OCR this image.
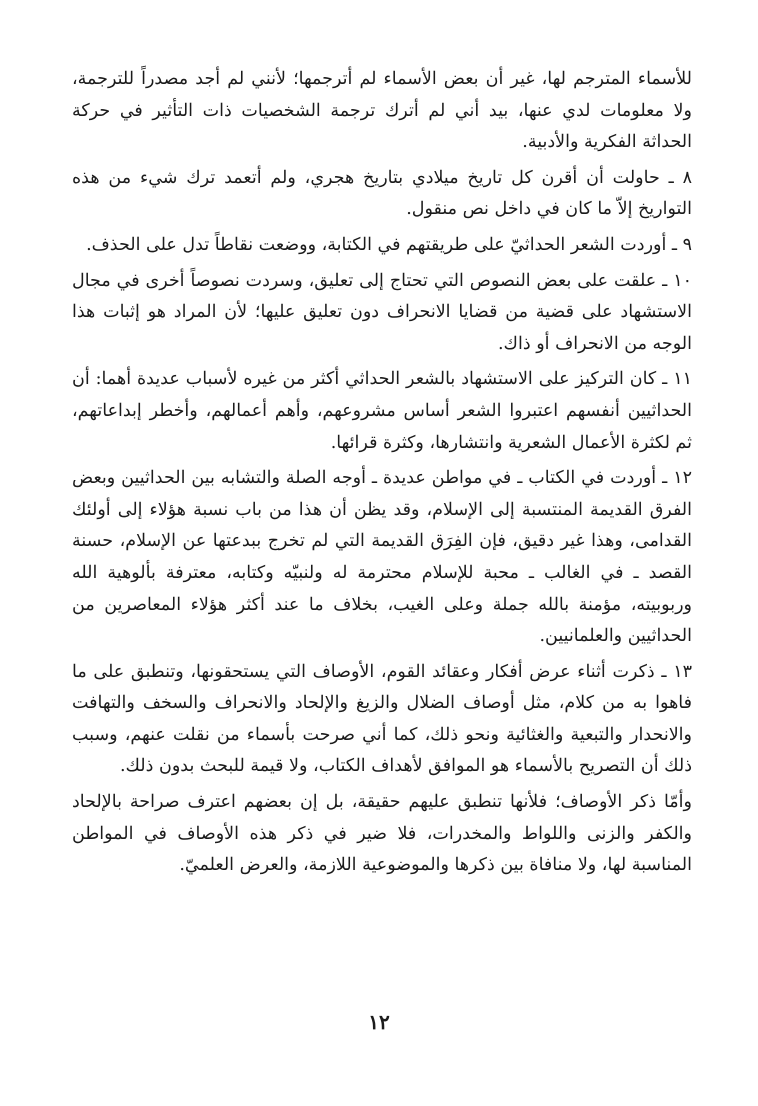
للأسماء المترجم لها، غير أن بعض الأسماء لم أترجمها؛ لأنني لم أجد مصدراً للترجمة، ولا معلومات لدي عنها، بيد أني لم أترك ترجمة الشخصيات ذات التأثير في حركة الحداثة الفكرية والأدبية.

٨ ـ حاولت أن أقرن كل تاريخ ميلادي بتاريخ هجري، ولم أتعمد ترك شيء من هذه التواريخ إلاّ ما كان في داخل نص منقول.

٩ ـ أوردت الشعر الحداثيّ على طريقتهم في الكتابة، ووضعت نقاطاً تدل على الحذف.

١٠ ـ علقت على بعض النصوص التي تحتاج إلى تعليق، وسردت نصوصاً أخرى في مجال الاستشهاد على قضية من قضايا الانحراف دون تعليق عليها؛ لأن المراد هو إثبات هذا الوجه من الانحراف أو ذاك.

١١ ـ كان التركيز على الاستشهاد بالشعر الحداثي أكثر من غيره لأسباب عديدة أهما: أن الحداثيين أنفسهم اعتبروا الشعر أساس مشروعهم، وأهم أعمالهم، وأخطر إبداعاتهم، ثم لكثرة الأعمال الشعرية وانتشارها، وكثرة قرائها.

١٢ ـ أوردت في الكتاب ـ في مواطن عديدة ـ أوجه الصلة والتشابه بين الحداثيين وبعض الفرق القديمة المنتسبة إلى الإسلام، وقد يظن أن هذا من باب نسبة هؤلاء إلى أولئك القدامى، وهذا غير دقيق، فإن الفِرَق القديمة التي لم تخرج ببدعتها عن الإسلام، حسنة القصد ـ في الغالب ـ محبة للإسلام محترمة له ولنبيّه وكتابه، معترفة بألوهية الله وربوبيته، مؤمنة بالله جملة وعلى الغيب، بخلاف ما عند أكثر هؤلاء المعاصرين من الحداثيين والعلمانيين.

١٣ ـ ذكرت أثناء عرض أفكار وعقائد القوم، الأوصاف التي يستحقونها، وتنطبق على ما فاهوا به من كلام، مثل أوصاف الضلال والزيغ والإلحاد والانحراف والسخف والتهافت والانحدار والتبعية والغثائية ونحو ذلك، كما أني صرحت بأسماء من نقلت عنهم، وسبب ذلك أن التصريح بالأسماء هو الموافق لأهداف الكتاب، ولا قيمة للبحث بدون ذلك.

وأمّا ذكر الأوصاف؛ فلأنها تنطبق عليهم حقيقة، بل إن بعضهم اعترف صراحة بالإلحاد والكفر والزنى واللواط والمخدرات، فلا ضير في ذكر هذه الأوصاف في المواطن المناسبة لها، ولا منافاة بين ذكرها والموضوعية اللازمة، والعرض العلميّ.

١٢
